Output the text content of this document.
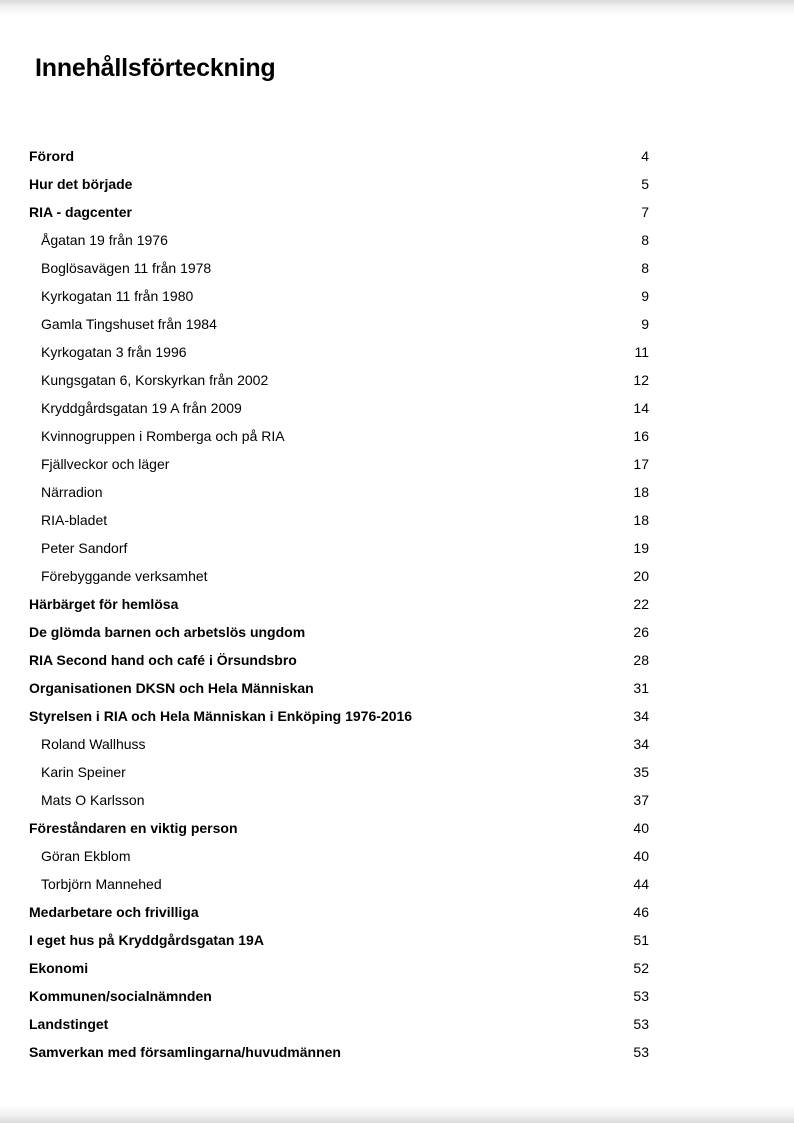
Innehållsförteckning
Förord	4
Hur det började	5
RIA - dagcenter	7
Ågatan 19 från 1976	8
Boglösavägen 11 från 1978	8
Kyrkogatan 11 från 1980	9
Gamla Tingshuset från 1984	9
Kyrkogatan 3 från 1996	11
Kungsgatan 6, Korskyrkan från 2002	12
Kryddgårdsgatan 19 A från 2009	14
Kvinnogruppen i Romberga och på RIA	16
Fjällveckor och läger	17
Närradion	18
RIA-bladet	18
Peter Sandorf	19
Förebyggande verksamhet	20
Härbärget för hemlösa	22
De glömda barnen och arbetslös ungdom	26
RIA Second hand och café i Örsundsbro	28
Organisationen DKSN och Hela Människan	31
Styrelsen i RIA och Hela Människan i Enköping 1976-2016	34
Roland Wallhuss	34
Karin Speiner	35
Mats O Karlsson	37
Föreståndaren en viktig person	40
Göran Ekblom	40
Torbjörn Mannehed	44
Medarbetare och frivilliga	46
I eget hus på Kryddgårdsgatan 19A	51
Ekonomi	52
Kommunen/socialnämnden	53
Landstinget	53
Samverkan med församlingarna/huvudmännen	53
